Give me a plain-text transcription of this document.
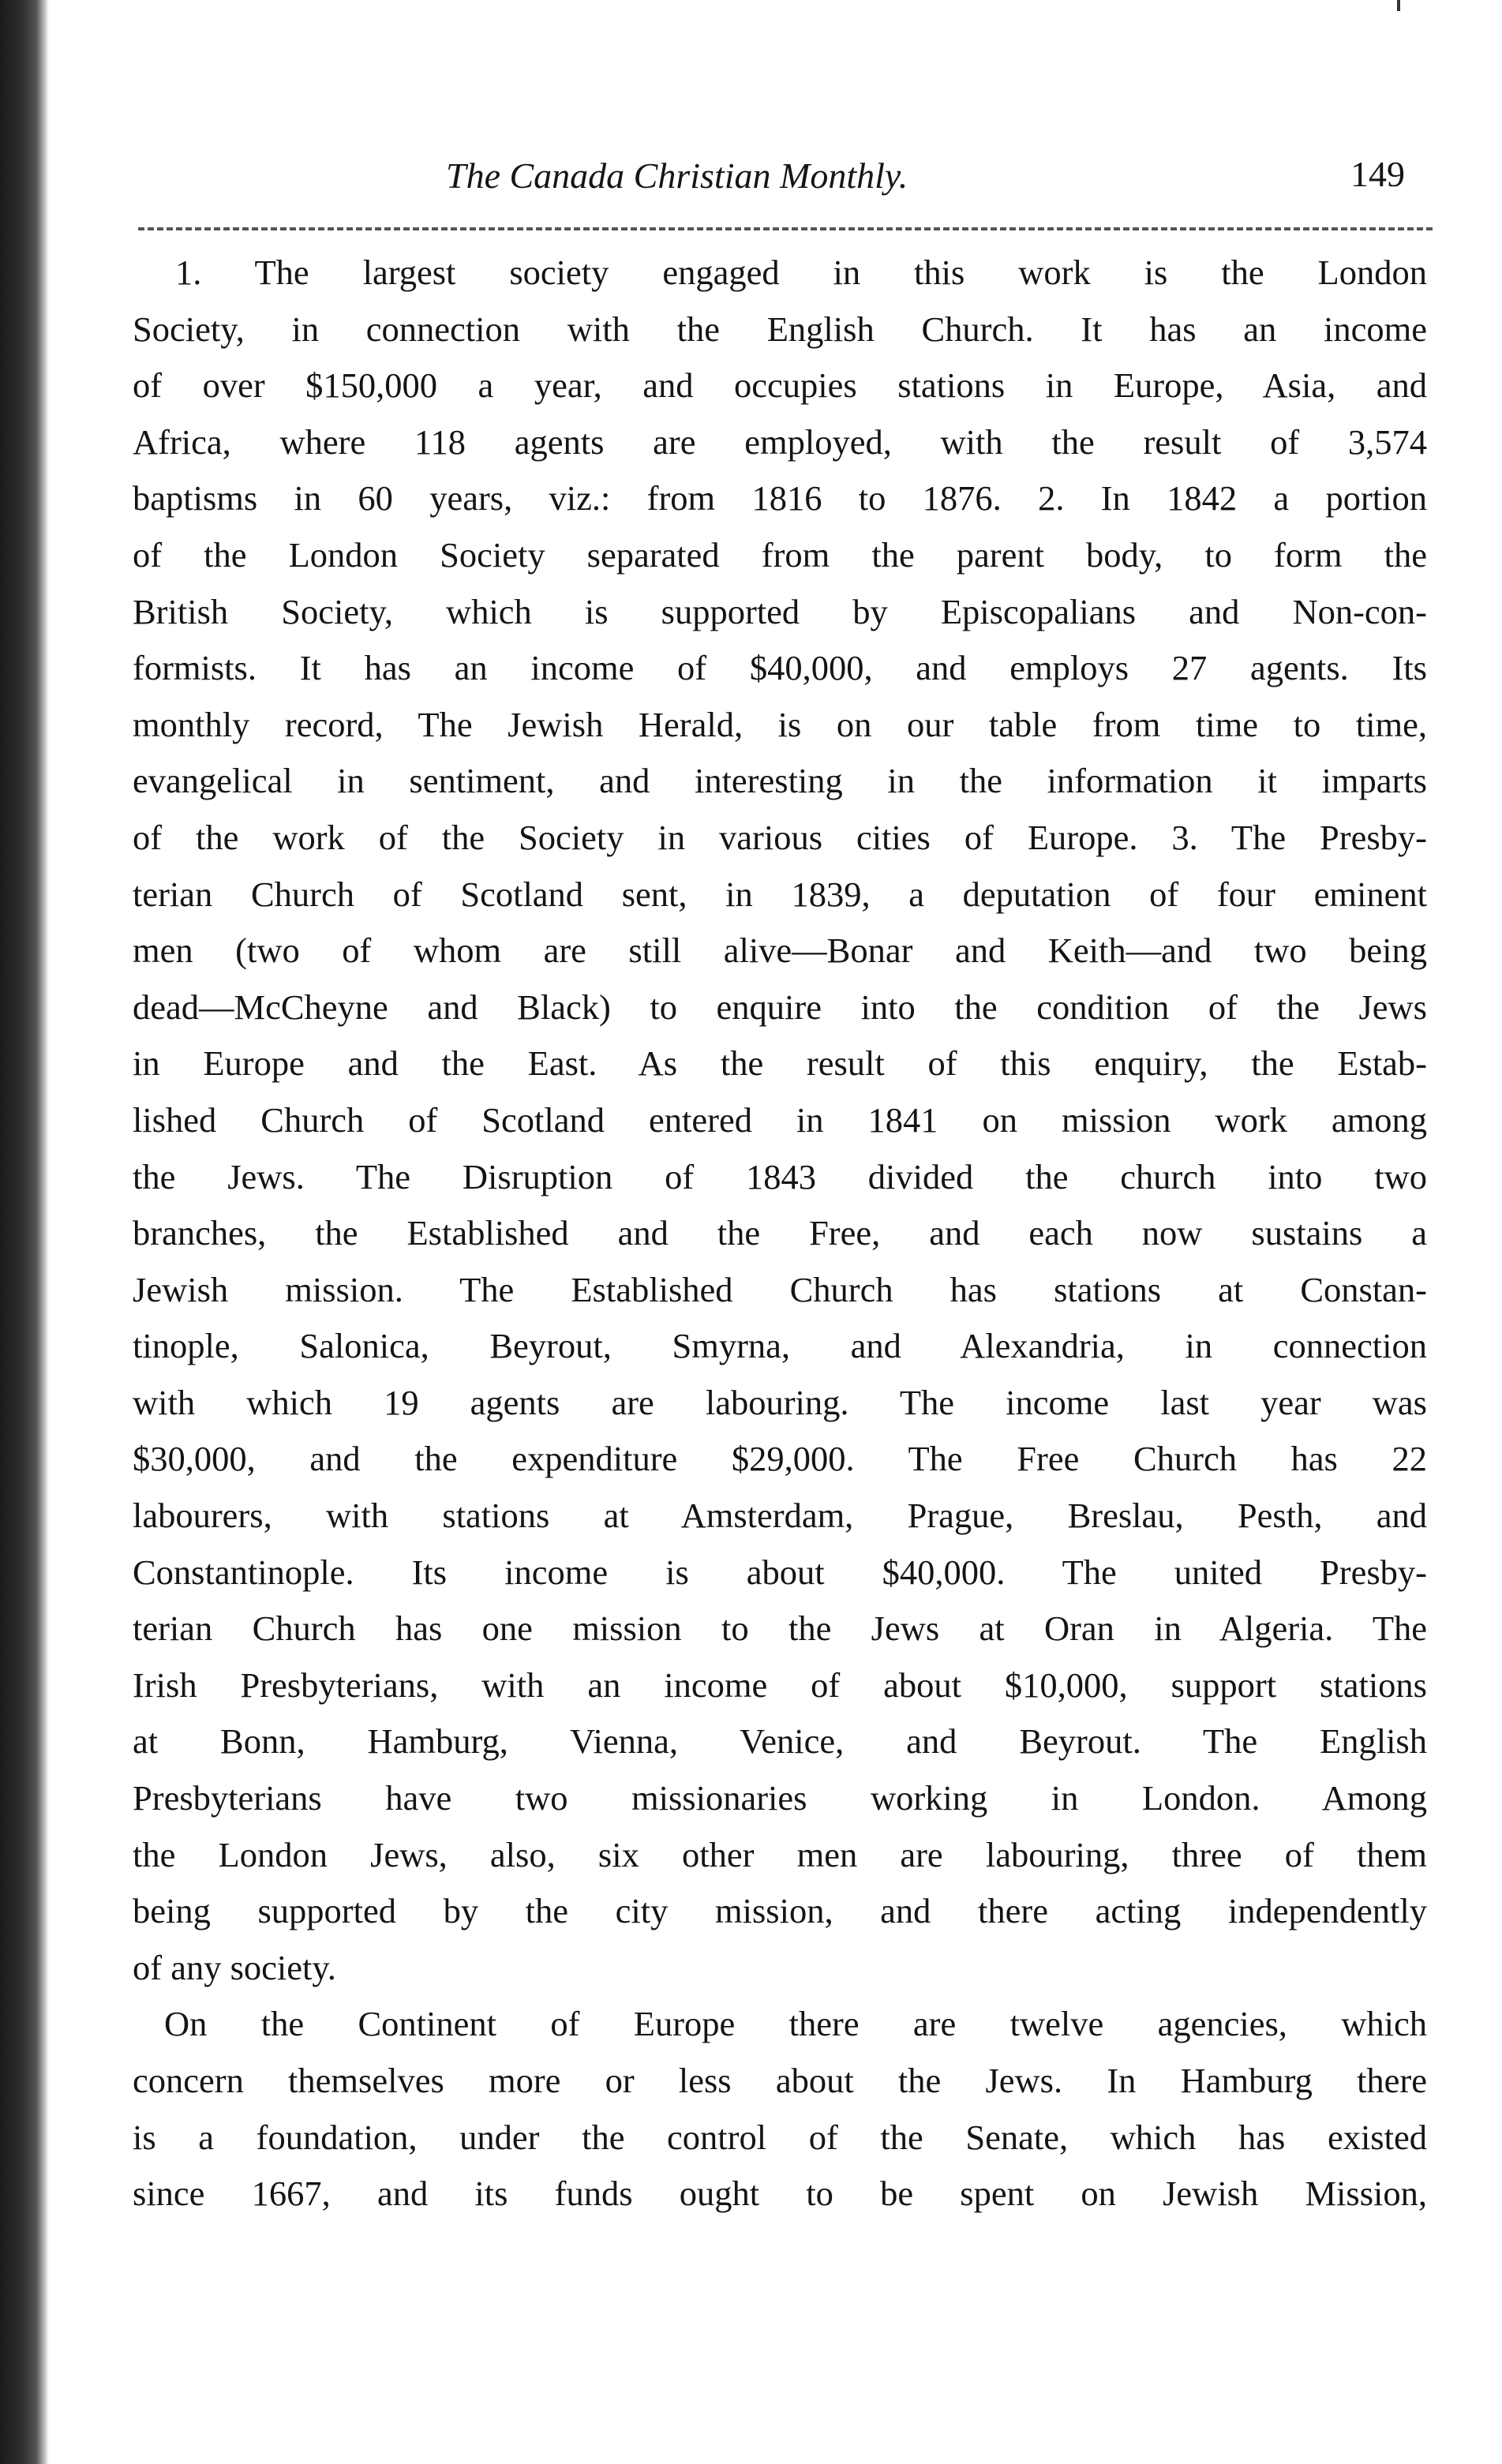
The Canada Christian Monthly.	149
1. The largest society engaged in this work is the London
Society, in connection with the English Church. It has an income
of over $150,000 a year, and occupies stations in Europe, Asia, and
Africa, where 118 agents are employed, with the result of 3,574
baptisms in 60 years, viz.: from 1816 to 1876. 2. In 1842 a portion
of the London Society separated from the parent body, to form the
British Society, which is supported by Episcopalians and Non-con-
formists. It has an income of $40,000, and employs 27 agents. Its
monthly record, The Jewish Herald, is on our table from time to time,
evangelical in sentiment, and interesting in the information it imparts
of the work of the Society in various cities of Europe. 3. The Presby-
terian Church of Scotland sent, in 1839, a deputation of four eminent
men (two of whom are still alive—Bonar and Keith—and two being
dead—McCheyne and Black) to enquire into the condition of the Jews
in Europe and the East. As the result of this enquiry, the Estab-
lished Church of Scotland entered in 1841 on mission work among
the Jews. The Disruption of 1843 divided the church into two
branches, the Established and the Free, and each now sustains a
Jewish mission. The Established Church has stations at Constan-
tinople, Salonica, Beyrout, Smyrna, and Alexandria, in connection
with which 19 agents are labouring. The income last year was
$30,000, and the expenditure $29,000. The Free Church has 22
labourers, with stations at Amsterdam, Prague, Breslau, Pesth, and
Constantinople. Its income is about $40,000. The united Presby-
terian Church has one mission to the Jews at Oran in Algeria. The
Irish Presbyterians, with an income of about $10,000, support stations
at Bonn, Hamburg, Vienna, Venice, and Beyrout. The English
Presbyterians have two missionaries working in London. Among
the London Jews, also, six other men are labouring, three of them
being supported by the city mission, and there acting independently
of any society.
On the Continent of Europe there are twelve agencies, which
concern themselves more or less about the Jews. In Hamburg there
is a foundation, under the control of the Senate, which has existed
since 1667, and its funds ought to be spent on Jewish Mission,
